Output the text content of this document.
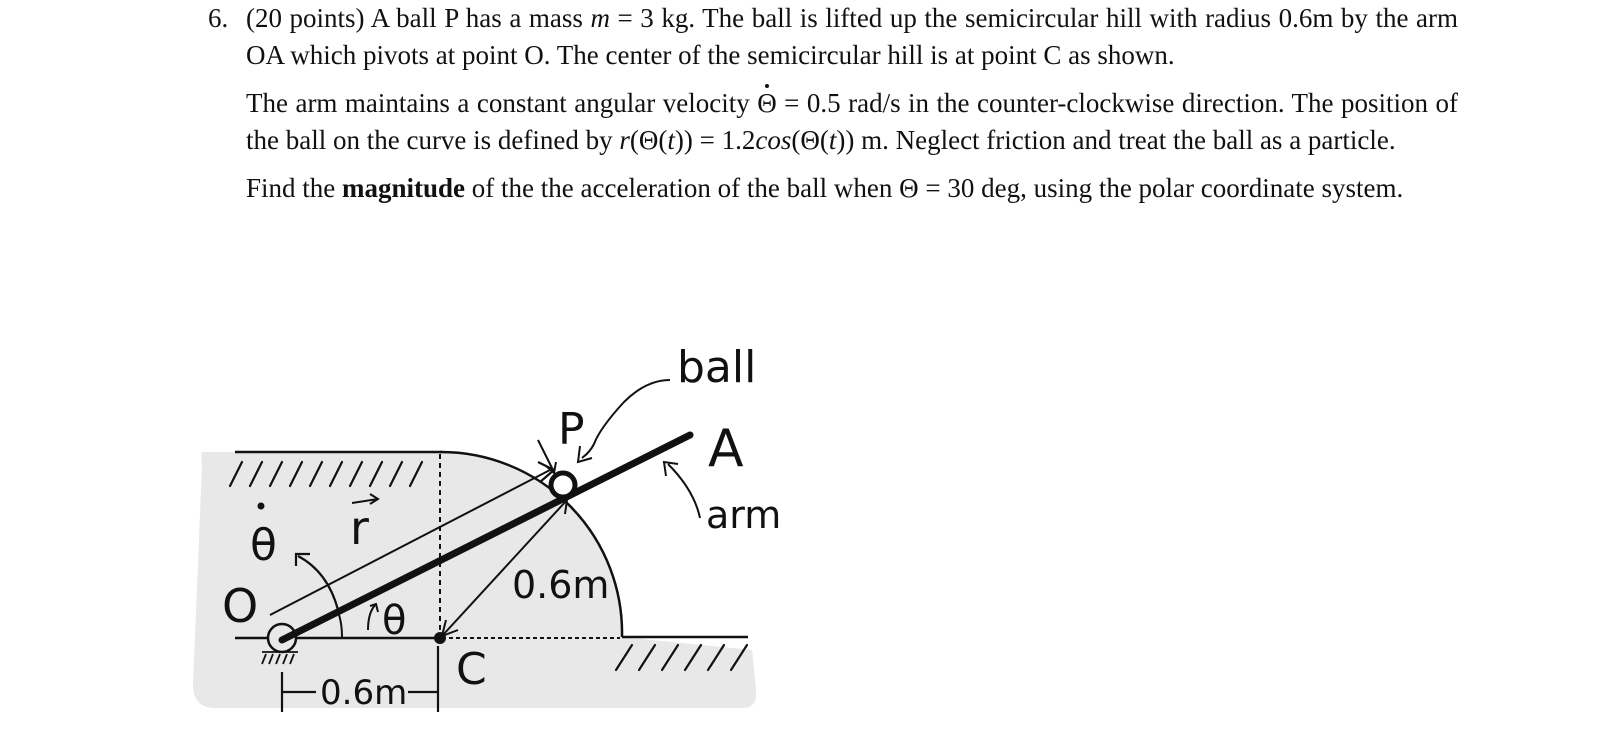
6. (20 points) A ball P has a mass m = 3 kg. The ball is lifted up the semicircular hill with radius 0.6m by the arm OA which pivots at point O. The center of the semicircular hill is at point C as shown.

The arm maintains a constant angular velocity Θ = 0.5 rad/s in the counter-clockwise direction. The position of the ball on the curve is defined by r(Θ(t)) = 1.2cos(Θ(t)) m. Neglect friction and treat the ball as a particle.

Find the magnitude of the the acceleration of the ball when Θ = 30 deg, using the polar coordinate system.

ball
A
arm
P
O
C
r
θ
θ
0.6m
0.6m
